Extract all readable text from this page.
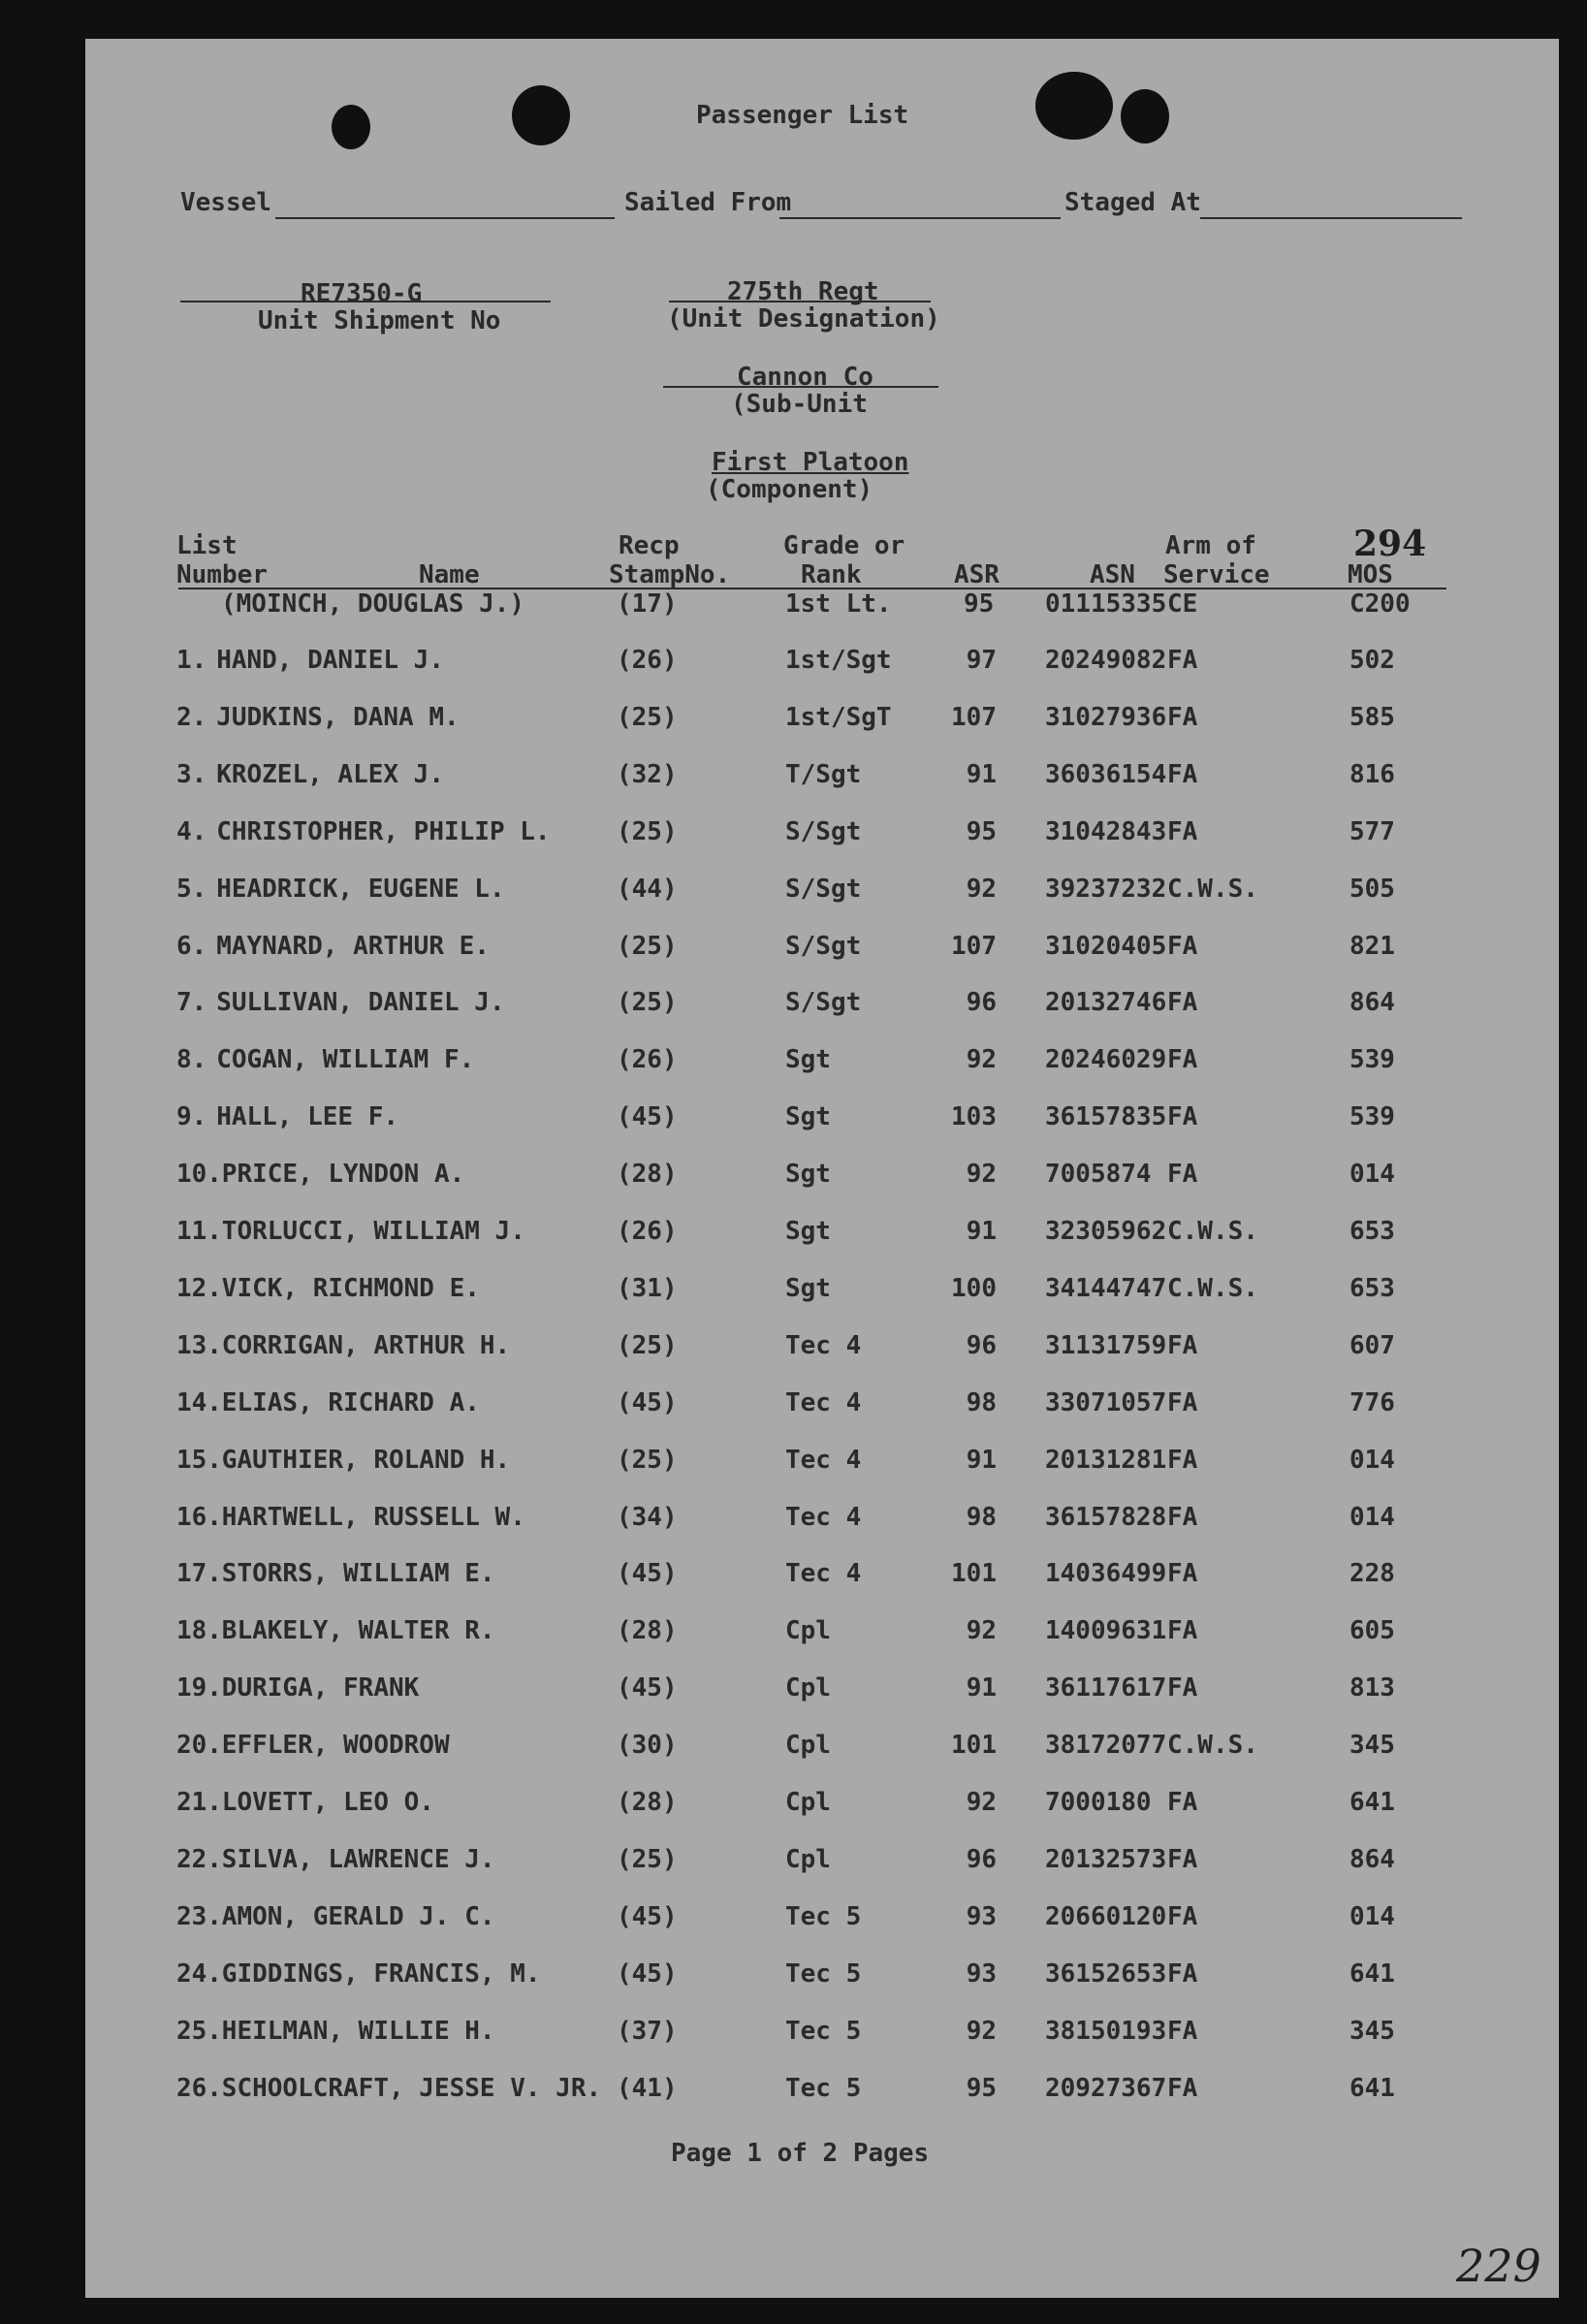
Passenger List
Vessel	Sailed From	Staged At
RE7350-G
Unit Shipment No
275th Regt
(Unit Designation)
Cannon Co
(Sub-Unit
First Platoon
(Component)
294
List
Number	Name
Recp
StampNo.
Grade or
Rank	ASR	ASN
Arm of
Service	MOS
(MOINCH, DOUGLAS J.)	(17)	1st Lt.	95 01115335 CE	C200
1. HAND, DANIEL J.	(26)	1st/Sgt	97 20249082 FA	502
2. JUDKINS, DANA M.	(25)	1st/SgT 107 31027936 FA	585
3. KROZEL, ALEX J.	(32)	T/Sgt	91 36036154 FA	816
4. CHRISTOPHER, PHILIP L.	(25)	S/Sgt	95 31042843 FA	577
5. HEADRICK, EUGENE L.	(44)	S/Sgt	92 39237232 C.W.S.	505
6. MAYNARD, ARTHUR E.	(25)	S/Sgt	107 31020405 FA	821
7. SULLIVAN, DANIEL J.	(25)	S/Sgt	96 20132746 FA	864
8. COGAN, WILLIAM F.	(26)	Sgt	92 20246029 FA	539
9. HALL, LEE F.	(45)	Sgt	103 36157835 FA	539
10. PRICE, LYNDON A.	(28)	Sgt	92 7005874 FA	014
11. TORLUCCI, WILLIAM J.	(26)	Sgt	91 32305962 C.W.S.	653
12. VICK, RICHMOND E.	(31)	Sgt	100 34144747 C.W.S.	653
13. CORRIGAN, ARTHUR H.	(25)	Tec 4	96 31131759 FA	607
14. ELIAS, RICHARD A.	(45)	Tec 4	98 33071057 FA	776
15. GAUTHIER, ROLAND H.	(25)	Tec 4	91 20131281 FA	014
16. HARTWELL, RUSSELL W.	(34)	Tec 4	98 36157828 FA	014
17. STORRS, WILLIAM E.	(45)	Tec 4	101 14036499 FA	228
18. BLAKELY, WALTER R.	(28)	Cpl	92 14009631 FA	605
19. DURIGA, FRANK	(45)	Cpl	91 36117617 FA	813
20. EFFLER, WOODROW	(30)	Cpl	101 38172077 C.W.S.	345
21. LOVETT, LEO O.	(28)	Cpl	92 7000180 FA	641
22. SILVA, LAWRENCE J.	(25)	Cpl	96 20132573 FA	864
23. AMON, GERALD J. C.	(45)	Tec 5	93 20660120 FA	014
24. GIDDINGS, FRANCIS, M.	(45)	Tec 5	93 36152653 FA	641
25. HEILMAN, WILLIE H.	(37)	Tec 5	92 38150193 FA	345
26. SCHOOLCRAFT, JESSE V. JR. (41)	Tec 5	95 20927367 FA	641
Page 1 of 2 Pages
229
